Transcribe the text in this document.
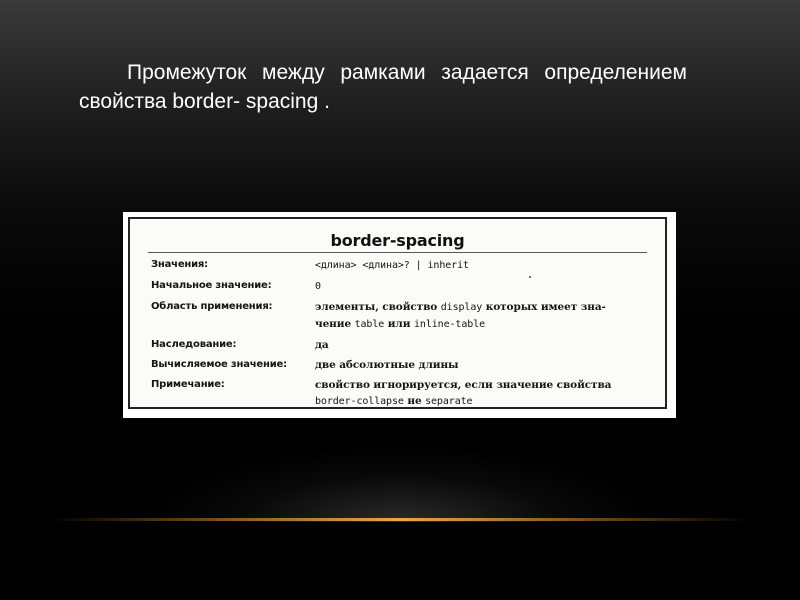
Промежуток между рамками задается определением
свойства border- spacing .
border-spacing
Значения:	<длина> <длина>? | inherit
Начальное значение:	0
Область применения:	элементы, свойство display которых имеет зна-
чение table или inline-table
Наследование:	да
Вычисляемое значение:	две абсолютные длины
Примечание:	свойство игнорируется, если значение свойства
border-collapse не separate
